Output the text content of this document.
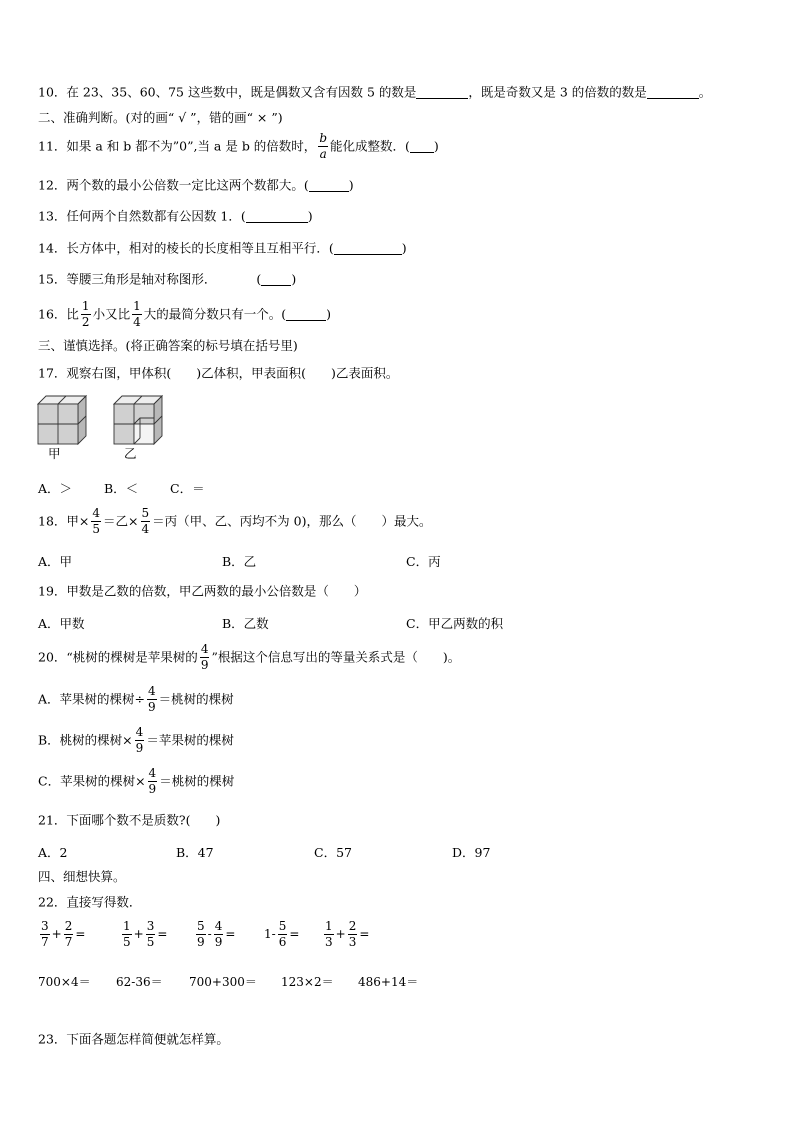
10．在 23、35、60、75 这些数中，既是偶数又含有因数 5 的数是	，既是奇数又是 3 的倍数的数是	。
二、准确判断。(对的画“ √ ”，错的画“ × ”)
11．如果 a 和 b 都不为”0”,当 a 是 b 的倍数时， $\frac{b}{a}$ 能化成整数．( )
12．两个数的最小公倍数一定比这两个数都大。(	)
13．任何两个自然数都有公因数 1．(	)
14．长方体中，相对的棱长的长度相等且互相平行．(	)
15．等腰三角形是轴对称图形．	( )
16．比 $\frac{1}{2}$ 小又比 $\frac{1}{4}$ 大的最简分数只有一个。(	)
三、谨慎选择。(将正确答案的标号填在括号里)
17．观察右图，甲体积(　　)乙体积，甲表面积(　　)乙表面积。
甲	乙
A．＞	B．＜	C．＝
18．甲× $\frac{4}{5}$ ＝乙× $\frac{5}{4}$ ＝丙（甲、乙、丙均不为 0)，那么（　　）最大。
A．甲	B．乙	C．丙
19．甲数是乙数的倍数，甲乙两数的最小公倍数是（　　）
A．甲数	B．乙数	C．甲乙两数的积
20．“桃树的棵树是苹果树的 $\frac{4}{9}$ ”根据这个信息写出的等量关系式是（　　)。
A．苹果树的棵树÷ $\frac{4}{9}$ ＝桃树的棵树
B．桃树的棵树× $\frac{4}{9}$ ＝苹果树的棵树
C．苹果树的棵树× $\frac{4}{9}$ ＝桃树的棵树
21．下面哪个数不是质数?(　　)
A．2	B．47	C．57	D．97
四、细想快算。
22．直接写得数．
$\frac{3}{7} + \frac{2}{7}$ =	$\frac{1}{5} + \frac{3}{5} = \frac{5}{9} - \frac{4}{9} = 1- \frac{5}{6} = \frac{1}{3} + \frac{2}{3}$ =
700×4＝ 62-36＝ 700+300＝ 123×2＝ 486+14＝
23．下面各题怎样简便就怎样算。
